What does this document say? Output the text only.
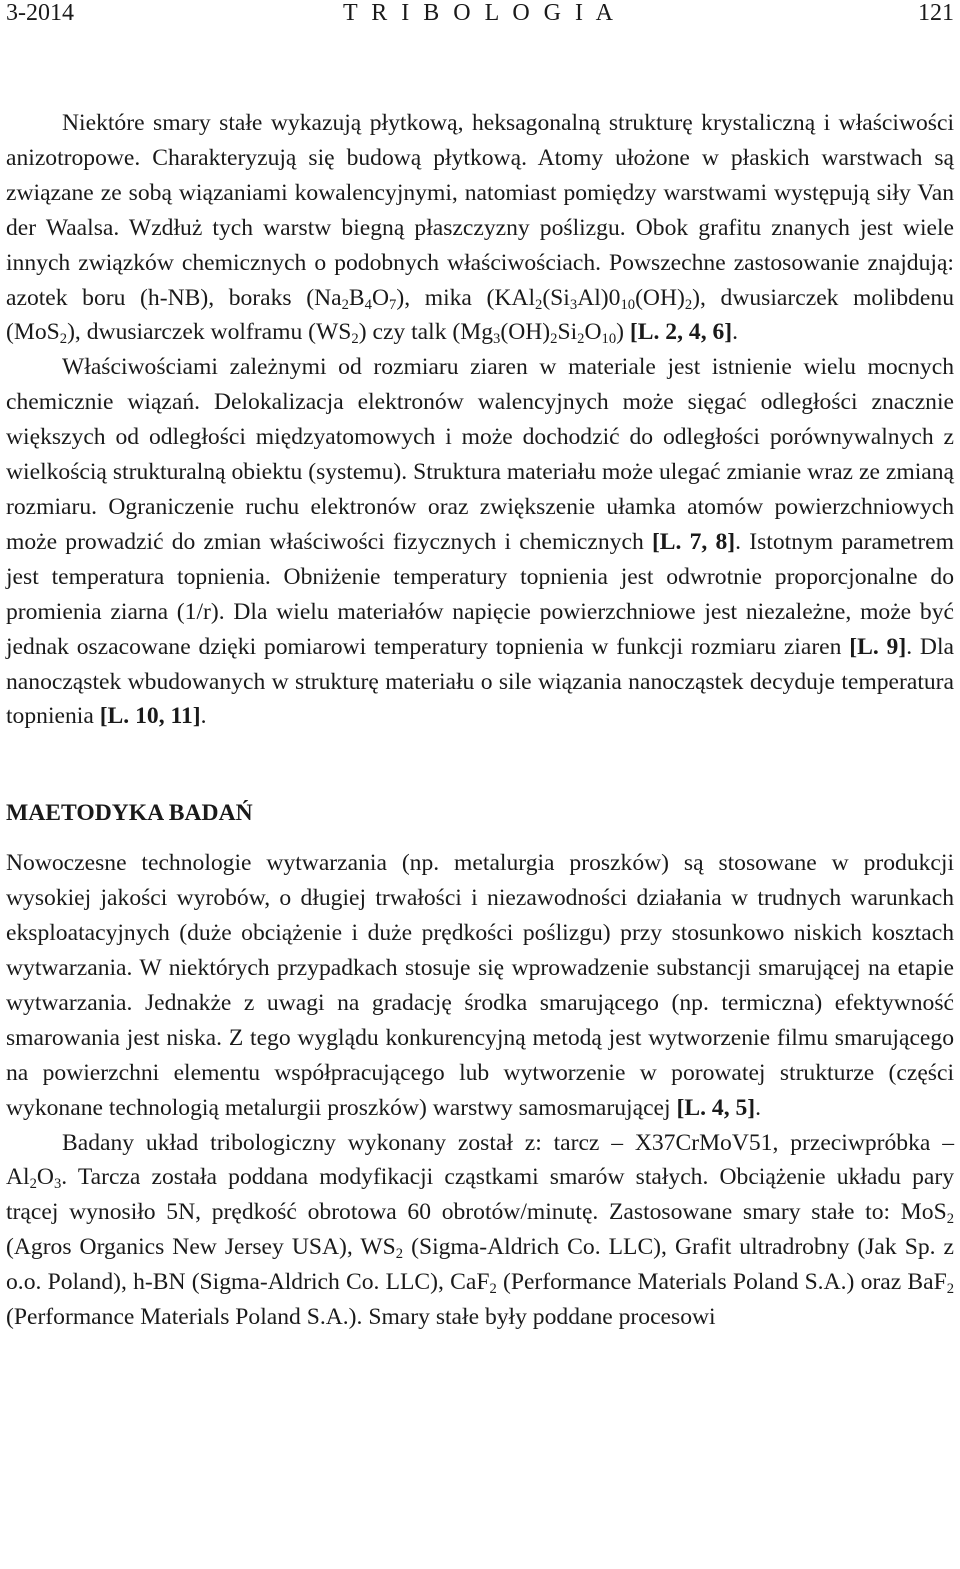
3-2014	T R I B O L O G I A	121

Niektóre smary stałe wykazują płytkową, heksagonalną strukturę krystaliczną i właściwości anizotropowe. Charakteryzują się budową płytkową. Atomy ułożone w płaskich warstwach są związane ze sobą wiązaniami kowalencyjnymi, natomiast pomiędzy warstwami występują siły Van der Waalsa. Wzdłuż tych warstw biegną płaszczyzny poślizgu. Obok grafitu znanych jest wiele innych związków chemicznych o podobnych właściwościach. Powszechne zastosowanie znajdują: azotek boru (h-NB), boraks $(Na_2B_4O_7)$, mika $(KAl_2(Si_3Al)0_{10}(OH)_2)$, dwusiarczek molibdenu (MoS$_2$), dwusiarczek wolframu $(WS_2)$ czy talk $(Mg_3(OH)_2Si_2O_{10})$ [L. 2, 4, 6].

Właściwościami zależnymi od rozmiaru ziaren w materiale jest istnienie wielu mocnych chemicznie wiązań. Delokalizacja elektronów walencyjnych może sięgać odległości znacznie większych od odległości międzyatomowych i może dochodzić do odległości porównywalnych z wielkością strukturalną obiektu (systemu). Struktura materiału może ulegać zmianie wraz ze zmianą rozmiaru. Ograniczenie ruchu elektronów oraz zwiększenie ułamka atomów powierzchniowych może prowadzić do zmian właściwości fizycznych i chemicznych [L. 7, 8]. Istotnym parametrem jest temperatura topnienia. Obniżenie temperatury topnienia jest odwrotnie proporcjonalne do promienia ziarna (1/r). Dla wielu materiałów napięcie powierzchniowe jest niezależne, może być jednak oszacowane dzięki pomiarowi temperatury topnienia w funkcji rozmiaru ziaren [L. 9]. Dla nanocząstek wbudowanych w strukturę materiału o sile wiązania nanocząstek decyduje temperatura topnienia [L. 10, 11].

MAETODYKA BADAŃ

Nowoczesne technologie wytwarzania (np. metalurgia proszków) są stosowane w produkcji wysokiej jakości wyrobów, o długiej trwałości i niezawodności działania w trudnych warunkach eksploatacyjnych (duże obciążenie i duże prędkości poślizgu) przy stosunkowo niskich kosztach wytwarzania. W niektórych przypadkach stosuje się wprowadzenie substancji smarującej na etapie wytwarzania. Jednakże z uwagi na gradację środka smarującego (np. termiczna) efektywność smarowania jest niska. Z tego wyglądu konkurencyjną metodą jest wytworzenie filmu smarującego na powierzchni elementu współpracującego lub wytworzenie w porowatej strukturze (części wykonane technologią metalurgii proszków) warstwy samosmarującej [L. 4, 5].

Badany układ tribologiczny wykonany został z: tarcz – X37CrMoV51, przeciwpróbka – $Al_2O_3$. Tarcza została poddana modyfikacji cząstkami smarów stałych. Obciążenie układu pary trącej wynosiło 5N, prędkość obrotowa 60 obrotów/minutę. Zastosowane smary stałe to: MoS$_2$ (Agros Organics New Jersey USA), $WS_2$ (Sigma-Aldrich Co. LLC), Grafit ultradrobny (Jak Sp. z o.o. Poland), h-BN (Sigma-Aldrich Co. LLC), CaF$_2$ (Performance Materials Poland S.A.) oraz BaF$_2$ (Performance Materials Poland S.A.). Smary stałe były poddane procesowi
